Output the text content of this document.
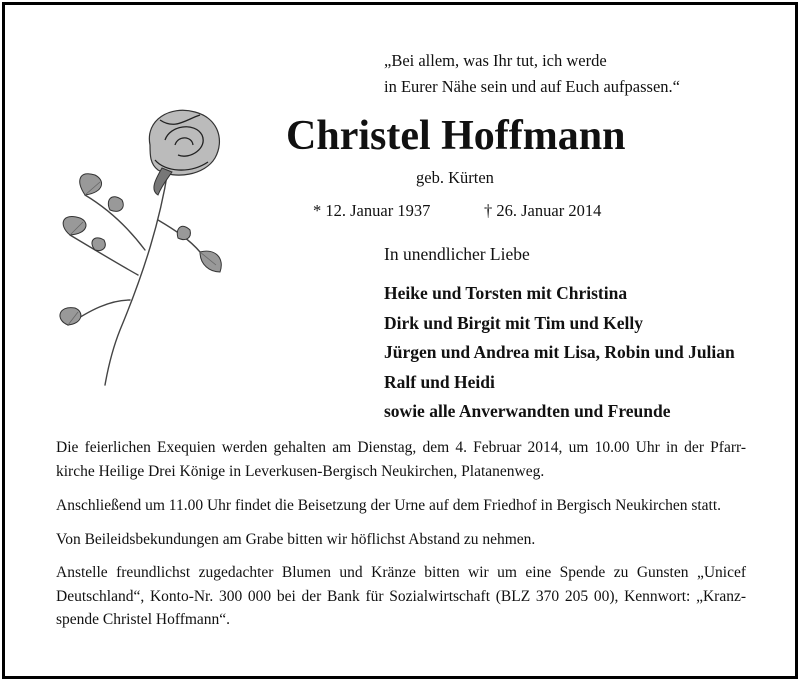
„Bei allem, was Ihr tut, ich werde
in Eurer Nähe sein und auf Euch aufpassen.“
Christel Hoffmann
geb. Kürten
* 12. Januar 1937	† 26. Januar 2014
In unendlicher Liebe
Heike und Torsten mit Christina
Dirk und Birgit mit Tim und Kelly
Jürgen und Andrea mit Lisa, Robin und Julian
Ralf und Heidi
sowie alle Anverwandten und Freunde
Die feierlichen Exequien werden gehalten am Dienstag, dem 4. Februar 2014, um 10.00 Uhr in der Pfarr-
kirche Heilige Drei Könige in Leverkusen-Bergisch Neukirchen, Platanenweg.
Anschließend um 11.00 Uhr findet die Beisetzung der Urne auf dem Friedhof in Bergisch Neukirchen statt.
Von Beileidsbekundungen am Grabe bitten wir höflichst Abstand zu nehmen.
Anstelle freundlichst zugedachter Blumen und Kränze bitten wir um eine Spende zu Gunsten „Unicef
Deutschland“, Konto-Nr. 300 000 bei der Bank für Sozialwirtschaft (BLZ 370 205 00), Kennwort: „Kranz-
spende Christel Hoffmann“.
